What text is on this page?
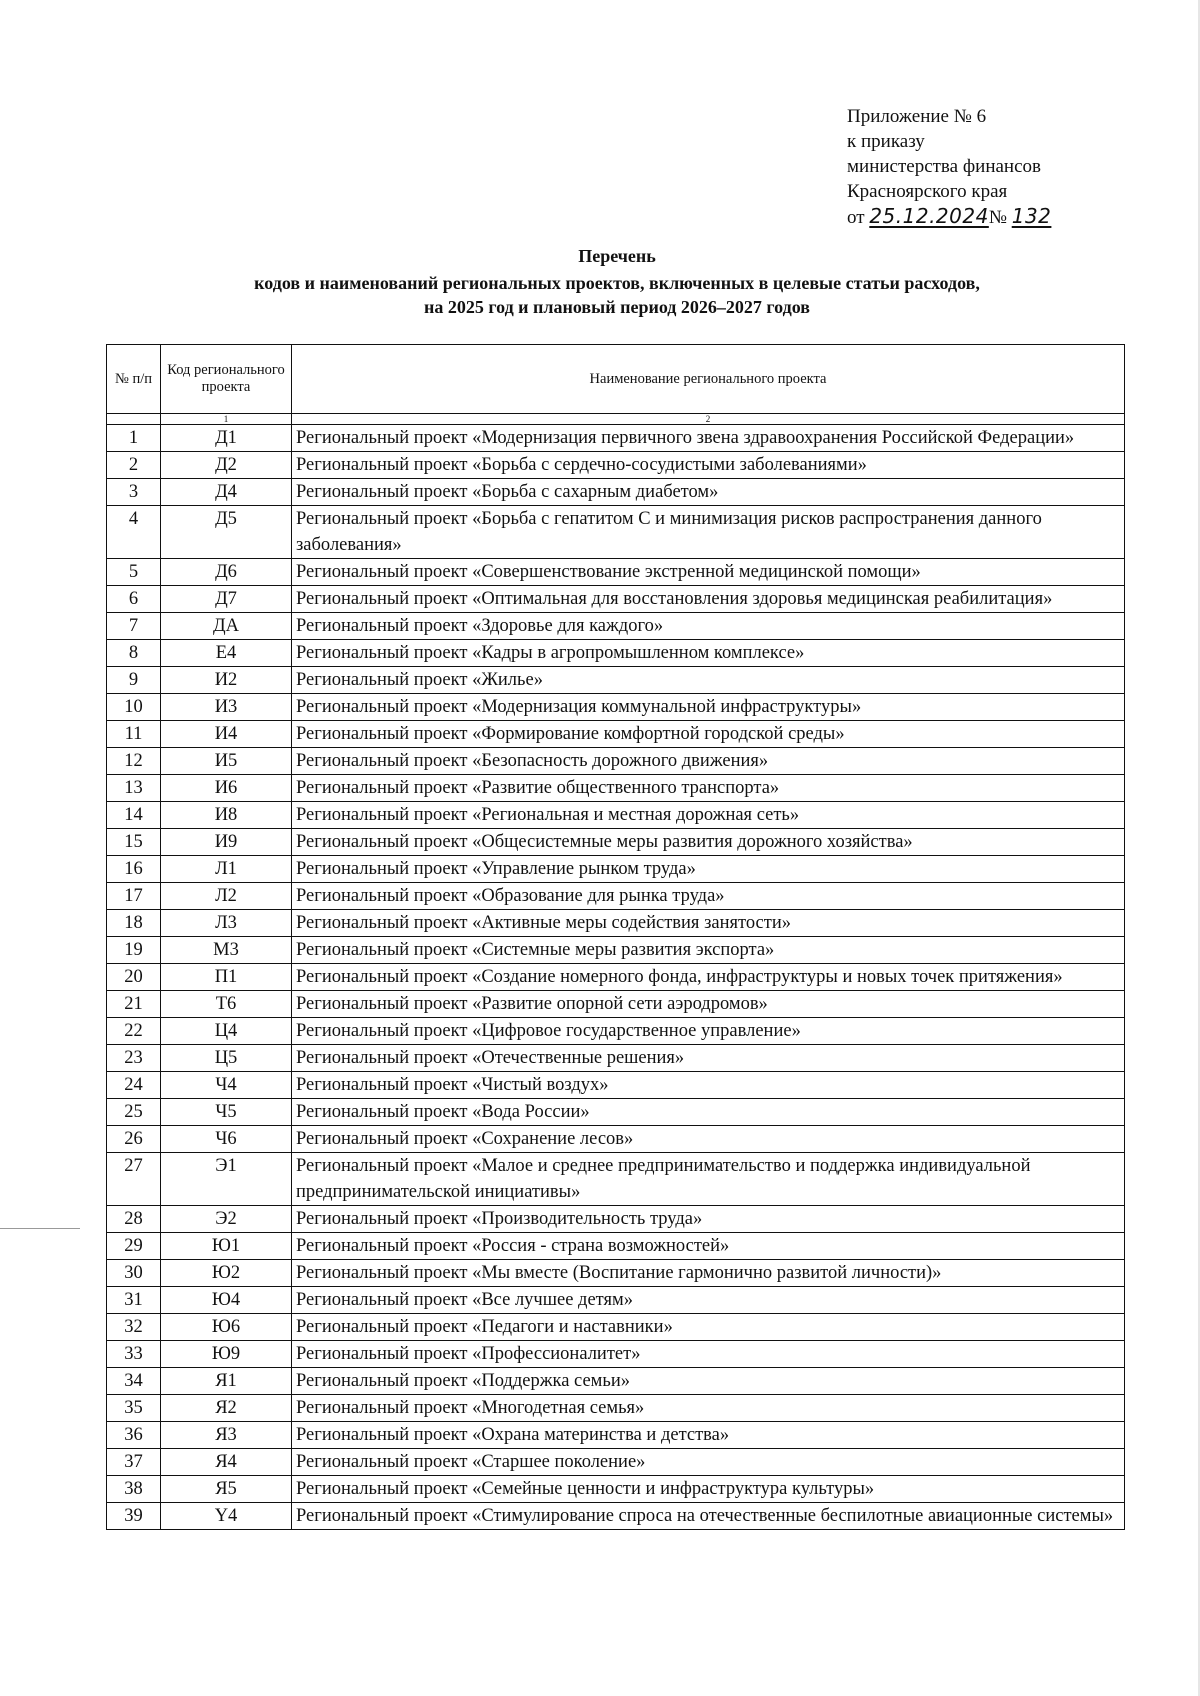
Приложение № 6
к приказу
министерства финансов
Красноярского края
от 25.12.2024№ 132
Перечень
кодов и наименований региональных проектов, включенных в целевые статьи расходов,
на 2025 год и плановый период 2026–2027 годов
№ п/п	Код регионального проекта	Наименование регионального проекта
	1	2
1	Д1	Региональный проект «Модернизация первичного звена здравоохранения Российской Федерации»
2	Д2	Региональный проект «Борьба с сердечно-сосудистыми заболеваниями»
3	Д4	Региональный проект «Борьба с сахарным диабетом»
4	Д5	Региональный проект «Борьба с гепатитом С и минимизация рисков распространения данного заболевания»
5	Д6	Региональный проект «Совершенствование экстренной медицинской помощи»
6	Д7	Региональный проект «Оптимальная для восстановления здоровья медицинская реабилитация»
7	ДА	Региональный проект «Здоровье для каждого»
8	Е4	Региональный проект «Кадры в агропромышленном комплексе»
9	И2	Региональный проект «Жилье»
10	И3	Региональный проект «Модернизация коммунальной инфраструктуры»
11	И4	Региональный проект «Формирование комфортной городской среды»
12	И5	Региональный проект «Безопасность дорожного движения»
13	И6	Региональный проект «Развитие общественного транспорта»
14	И8	Региональный проект «Региональная и местная дорожная сеть»
15	И9	Региональный проект «Общесистемные меры развития дорожного хозяйства»
16	Л1	Региональный проект «Управление рынком труда»
17	Л2	Региональный проект «Образование для рынка труда»
18	Л3	Региональный проект «Активные меры содействия занятости»
19	М3	Региональный проект «Системные меры развития экспорта»
20	П1	Региональный проект «Создание номерного фонда, инфраструктуры и новых точек притяжения»
21	Т6	Региональный проект «Развитие опорной сети аэродромов»
22	Ц4	Региональный проект «Цифровое государственное управление»
23	Ц5	Региональный проект «Отечественные решения»
24	Ч4	Региональный проект «Чистый воздух»
25	Ч5	Региональный проект «Вода России»
26	Ч6	Региональный проект «Сохранение лесов»
27	Э1	Региональный проект «Малое и среднее предпринимательство и поддержка индивидуальной предпринимательской инициативы»
28	Э2	Региональный проект «Производительность труда»
29	Ю1	Региональный проект «Россия - страна возможностей»
30	Ю2	Региональный проект «Мы вместе (Воспитание гармонично развитой личности)»
31	Ю4	Региональный проект «Все лучшее детям»
32	Ю6	Региональный проект «Педагоги и наставники»
33	Ю9	Региональный проект «Профессионалитет»
34	Я1	Региональный проект «Поддержка семьи»
35	Я2	Региональный проект «Многодетная семья»
36	Я3	Региональный проект «Охрана материнства и детства»
37	Я4	Региональный проект «Старшее поколение»
38	Я5	Региональный проект «Семейные ценности и инфраструктура культуры»
39	Y4	Региональный проект «Стимулирование спроса на отечественные беспилотные авиационные системы»
